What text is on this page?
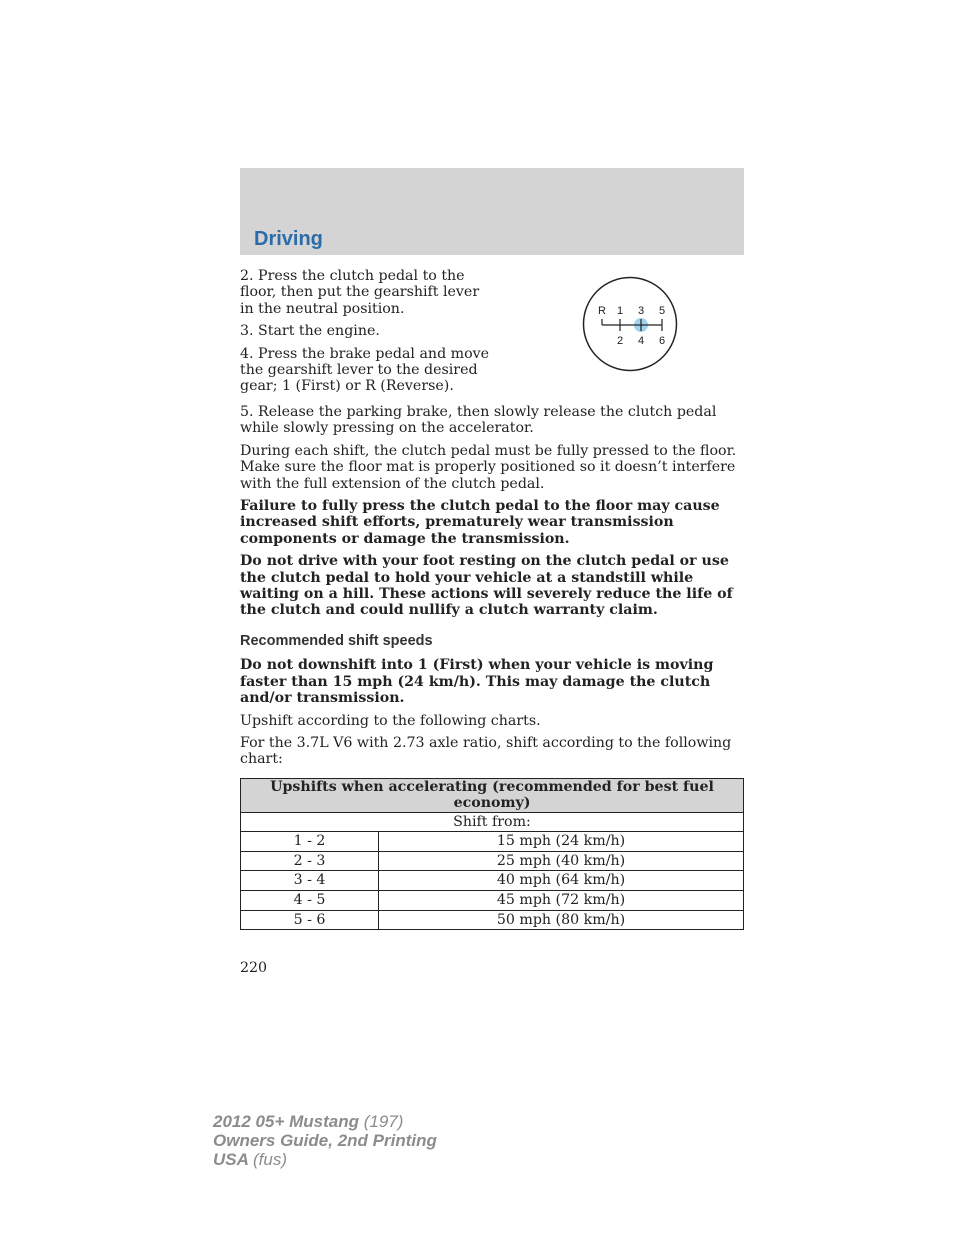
Driving

2. Press the clutch pedal to the floor, then put the gearshift lever in the neutral position.

3. Start the engine.

4. Press the brake pedal and move the gearshift lever to the desired gear; 1 (First) or R (Reverse).

R 1 3 5
2 4 6

5. Release the parking brake, then slowly release the clutch pedal while slowly pressing on the accelerator.

During each shift, the clutch pedal must be fully pressed to the floor. Make sure the floor mat is properly positioned so it doesn’t interfere with the full extension of the clutch pedal.

Failure to fully press the clutch pedal to the floor may cause increased shift efforts, prematurely wear transmission components or damage the transmission.

Do not drive with your foot resting on the clutch pedal or use the clutch pedal to hold your vehicle at a standstill while waiting on a hill. These actions will severely reduce the life of the clutch and could nullify a clutch warranty claim.

Recommended shift speeds

Do not downshift into 1 (First) when your vehicle is moving faster than 15 mph (24 km/h). This may damage the clutch and/or transmission.

Upshift according to the following charts.

For the 3.7L V6 with 2.73 axle ratio, shift according to the following chart:

Upshifts when accelerating (recommended for best fuel economy)	
Shift from:	
1 - 2	15 mph (24 km/h)
2 - 3	25 mph (40 km/h)
3 - 4	40 mph (64 km/h)
4 - 5	45 mph (72 km/h)
5 - 6	50 mph (80 km/h)
220
2012 05+ Mustang (197)
Owners Guide, 2nd Printing
USA (fus)
